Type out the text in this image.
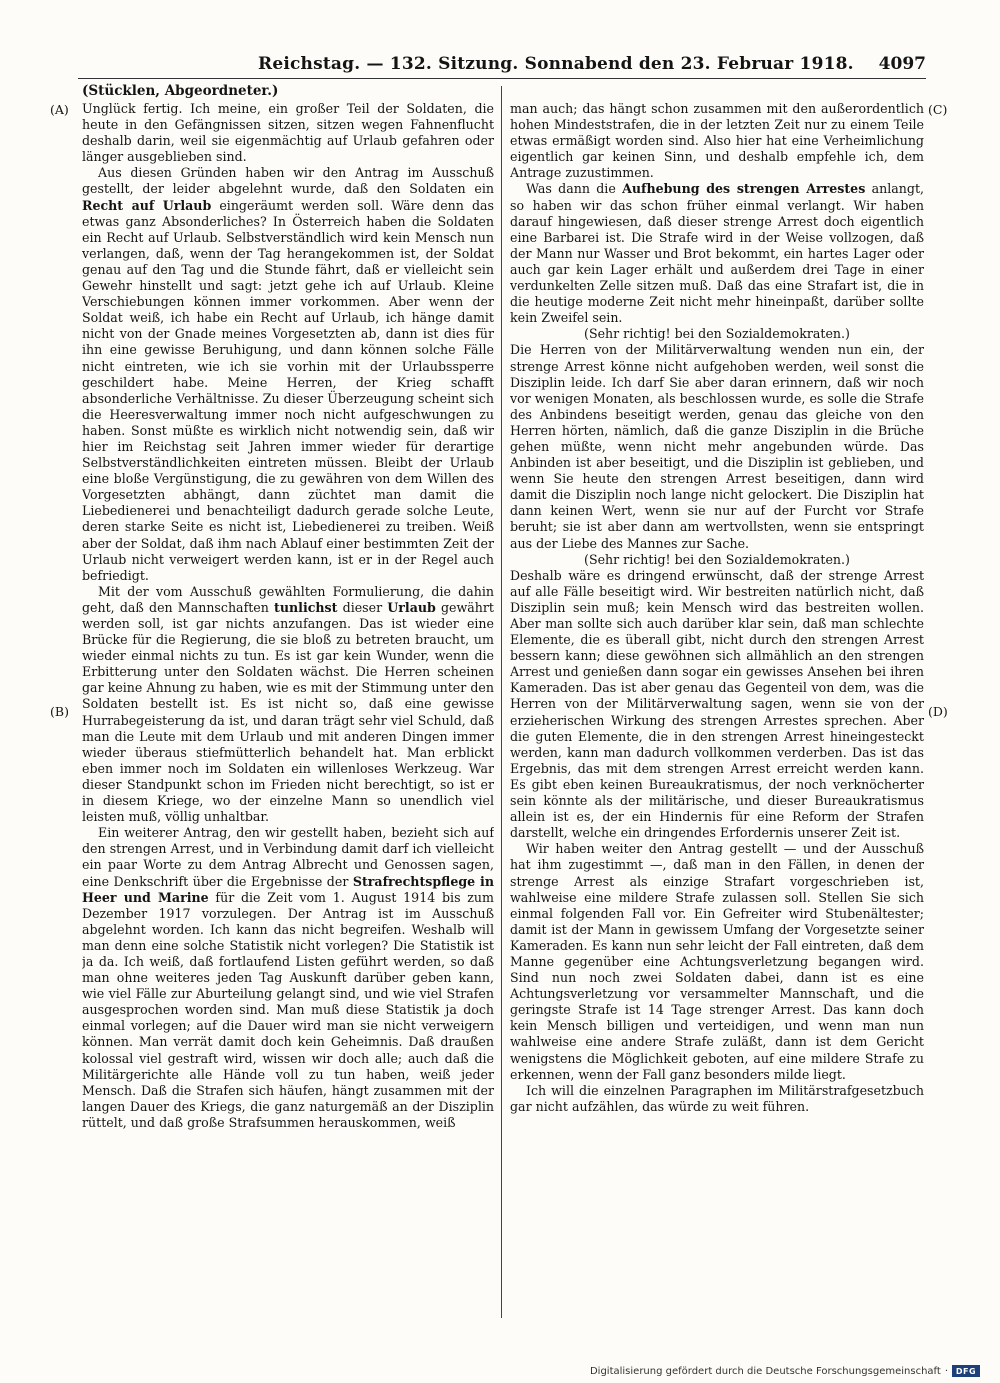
Reichstag. — 132. Sitzung. Sonnabend den 23. Februar 1918. 4097
(Stücklen, Abgeordneter.)
(A)
(B)
(C)
(D)

Unglück fertig. Ich meine, ein großer Teil der Soldaten, die heute in den Gefängnissen sitzen, sitzen wegen Fahnenflucht deshalb darin, weil sie eigenmächtig auf Urlaub gefahren oder länger ausgeblieben sind.

Aus diesen Gründen haben wir den Antrag im Ausschuß gestellt, der leider abgelehnt wurde, daß den Soldaten ein Recht auf Urlaub eingeräumt werden soll. Wäre denn das etwas ganz Absonderliches? In Österreich haben die Soldaten ein Recht auf Urlaub. Selbstverständlich wird kein Mensch nun verlangen, daß, wenn der Tag herangekommen ist, der Soldat genau auf den Tag und die Stunde fährt, daß er vielleicht sein Gewehr hinstellt und sagt: jetzt gehe ich auf Urlaub. Kleine Verschiebungen können immer vorkommen. Aber wenn der Soldat weiß, ich habe ein Recht auf Urlaub, ich hänge damit nicht von der Gnade meines Vorgesetzten ab, dann ist dies für ihn eine gewisse Beruhigung, und dann können solche Fälle nicht eintreten, wie ich sie vorhin mit der Urlaubssperre geschildert habe. Meine Herren, der Krieg schafft absonderliche Verhältnisse. Zu dieser Überzeugung scheint sich die Heeresverwaltung immer noch nicht aufgeschwungen zu haben. Sonst müßte es wirklich nicht notwendig sein, daß wir hier im Reichstag seit Jahren immer wieder für derartige Selbstverständlichkeiten eintreten müssen. Bleibt der Urlaub eine bloße Vergünstigung, die zu gewähren von dem Willen des Vorgesetzten abhängt, dann züchtet man damit die Liebedienerei und benachteiligt dadurch gerade solche Leute, deren starke Seite es nicht ist, Liebedienerei zu treiben. Weiß aber der Soldat, daß ihm nach Ablauf einer bestimmten Zeit der Urlaub nicht verweigert werden kann, ist er in der Regel auch befriedigt.

Mit der vom Ausschuß gewählten Formulierung, die dahin geht, daß den Mannschaften tunlichst dieser Urlaub gewährt werden soll, ist gar nichts anzufangen. Das ist wieder eine Brücke für die Regierung, die sie bloß zu betreten braucht, um wieder einmal nichts zu tun. Es ist gar kein Wunder, wenn die Erbitterung unter den Soldaten wächst. Die Herren scheinen gar keine Ahnung zu haben, wie es mit der Stimmung unter den Soldaten bestellt ist. Es ist nicht so, daß eine gewisse Hurrabegeisterung da ist, und daran trägt sehr viel Schuld, daß man die Leute mit dem Urlaub und mit anderen Dingen immer wieder überaus stiefmütterlich behandelt hat. Man erblickt eben immer noch im Soldaten ein willenloses Werkzeug. War dieser Standpunkt schon im Frieden nicht berechtigt, so ist er in diesem Kriege, wo der einzelne Mann so unendlich viel leisten muß, völlig unhaltbar.

Ein weiterer Antrag, den wir gestellt haben, bezieht sich auf den strengen Arrest, und in Verbindung damit darf ich vielleicht ein paar Worte zu dem Antrag Albrecht und Genossen sagen, eine Denkschrift über die Ergebnisse der Strafrechtspflege in Heer und Marine für die Zeit vom 1. August 1914 bis zum Dezember 1917 vorzulegen. Der Antrag ist im Ausschuß abgelehnt worden. Ich kann das nicht begreifen. Weshalb will man denn eine solche Statistik nicht vorlegen? Die Statistik ist ja da. Ich weiß, daß fortlaufend Listen geführt werden, so daß man ohne weiteres jeden Tag Auskunft darüber geben kann, wie viel Fälle zur Aburteilung gelangt sind, und wie viel Strafen ausgesprochen worden sind. Man muß diese Statistik ja doch einmal vorlegen; auf die Dauer wird man sie nicht verweigern können. Man verrät damit doch kein Geheimnis. Daß draußen kolossal viel gestraft wird, wissen wir doch alle; auch daß die Militärgerichte alle Hände voll zu tun haben, weiß jeder Mensch. Daß die Strafen sich häufen, hängt zusammen mit der langen Dauer des Kriegs, die ganz naturgemäß an der Disziplin rüttelt, und daß große Strafsummen herauskommen, weiß

man auch; das hängt schon zusammen mit den außerordentlich hohen Mindeststrafen, die in der letzten Zeit nur zu einem Teile etwas ermäßigt worden sind. Also hier hat eine Verheimlichung eigentlich gar keinen Sinn, und deshalb empfehle ich, dem Antrage zuzustimmen.

Was dann die Aufhebung des strengen Arrestes anlangt, so haben wir das schon früher einmal verlangt. Wir haben darauf hingewiesen, daß dieser strenge Arrest doch eigentlich eine Barbarei ist. Die Strafe wird in der Weise vollzogen, daß der Mann nur Wasser und Brot bekommt, ein hartes Lager oder auch gar kein Lager erhält und außerdem drei Tage in einer verdunkelten Zelle sitzen muß. Daß das eine Strafart ist, die in die heutige moderne Zeit nicht mehr hineinpaßt, darüber sollte kein Zweifel sein.

(Sehr richtig! bei den Sozialdemokraten.)

Die Herren von der Militärverwaltung wenden nun ein, der strenge Arrest könne nicht aufgehoben werden, weil sonst die Disziplin leide. Ich darf Sie aber daran erinnern, daß wir noch vor wenigen Monaten, als beschlossen wurde, es solle die Strafe des Anbindens beseitigt werden, genau das gleiche von den Herren hörten, nämlich, daß die ganze Disziplin in die Brüche gehen müßte, wenn nicht mehr angebunden würde. Das Anbinden ist aber beseitigt, und die Disziplin ist geblieben, und wenn Sie heute den strengen Arrest beseitigen, dann wird damit die Disziplin noch lange nicht gelockert. Die Disziplin hat dann keinen Wert, wenn sie nur auf der Furcht vor Strafe beruht; sie ist aber dann am wertvollsten, wenn sie entspringt aus der Liebe des Mannes zur Sache.

(Sehr richtig! bei den Sozialdemokraten.)

Deshalb wäre es dringend erwünscht, daß der strenge Arrest auf alle Fälle beseitigt wird. Wir bestreiten natürlich nicht, daß Disziplin sein muß; kein Mensch wird das bestreiten wollen. Aber man sollte sich auch darüber klar sein, daß man schlechte Elemente, die es überall gibt, nicht durch den strengen Arrest bessern kann; diese gewöhnen sich allmählich an den strengen Arrest und genießen dann sogar ein gewisses Ansehen bei ihren Kameraden. Das ist aber genau das Gegenteil von dem, was die Herren von der Militärverwaltung sagen, wenn sie von der erzieherischen Wirkung des strengen Arrestes sprechen. Aber die guten Elemente, die in den strengen Arrest hineingesteckt werden, kann man dadurch vollkommen verderben. Das ist das Ergebnis, das mit dem strengen Arrest erreicht werden kann. Es gibt eben keinen Bureaukratismus, der noch verknöcherter sein könnte als der militärische, und dieser Bureaukratismus allein ist es, der ein Hindernis für eine Reform der Strafen darstellt, welche ein dringendes Erfordernis unserer Zeit ist.

Wir haben weiter den Antrag gestellt — und der Ausschuß hat ihm zugestimmt —, daß man in den Fällen, in denen der strenge Arrest als einzige Strafart vorgeschrieben ist, wahlweise eine mildere Strafe zulassen soll. Stellen Sie sich einmal folgenden Fall vor. Ein Gefreiter wird Stubenältester; damit ist der Mann in gewissem Umfang der Vorgesetzte seiner Kameraden. Es kann nun sehr leicht der Fall eintreten, daß dem Manne gegenüber eine Achtungsverletzung begangen wird. Sind nun noch zwei Soldaten dabei, dann ist es eine Achtungsverletzung vor versammelter Mannschaft, und die geringste Strafe ist 14 Tage strenger Arrest. Das kann doch kein Mensch billigen und verteidigen, und wenn man nun wahlweise eine andere Strafe zuläßt, dann ist dem Gericht wenigstens die Möglichkeit geboten, auf eine mildere Strafe zu erkennen, wenn der Fall ganz besonders milde liegt.

Ich will die einzelnen Paragraphen im Militärstrafgesetzbuch gar nicht aufzählen, das würde zu weit führen.

Digitalisierung gefördert durch die Deutsche Forschungsgemeinschaft · DFG
